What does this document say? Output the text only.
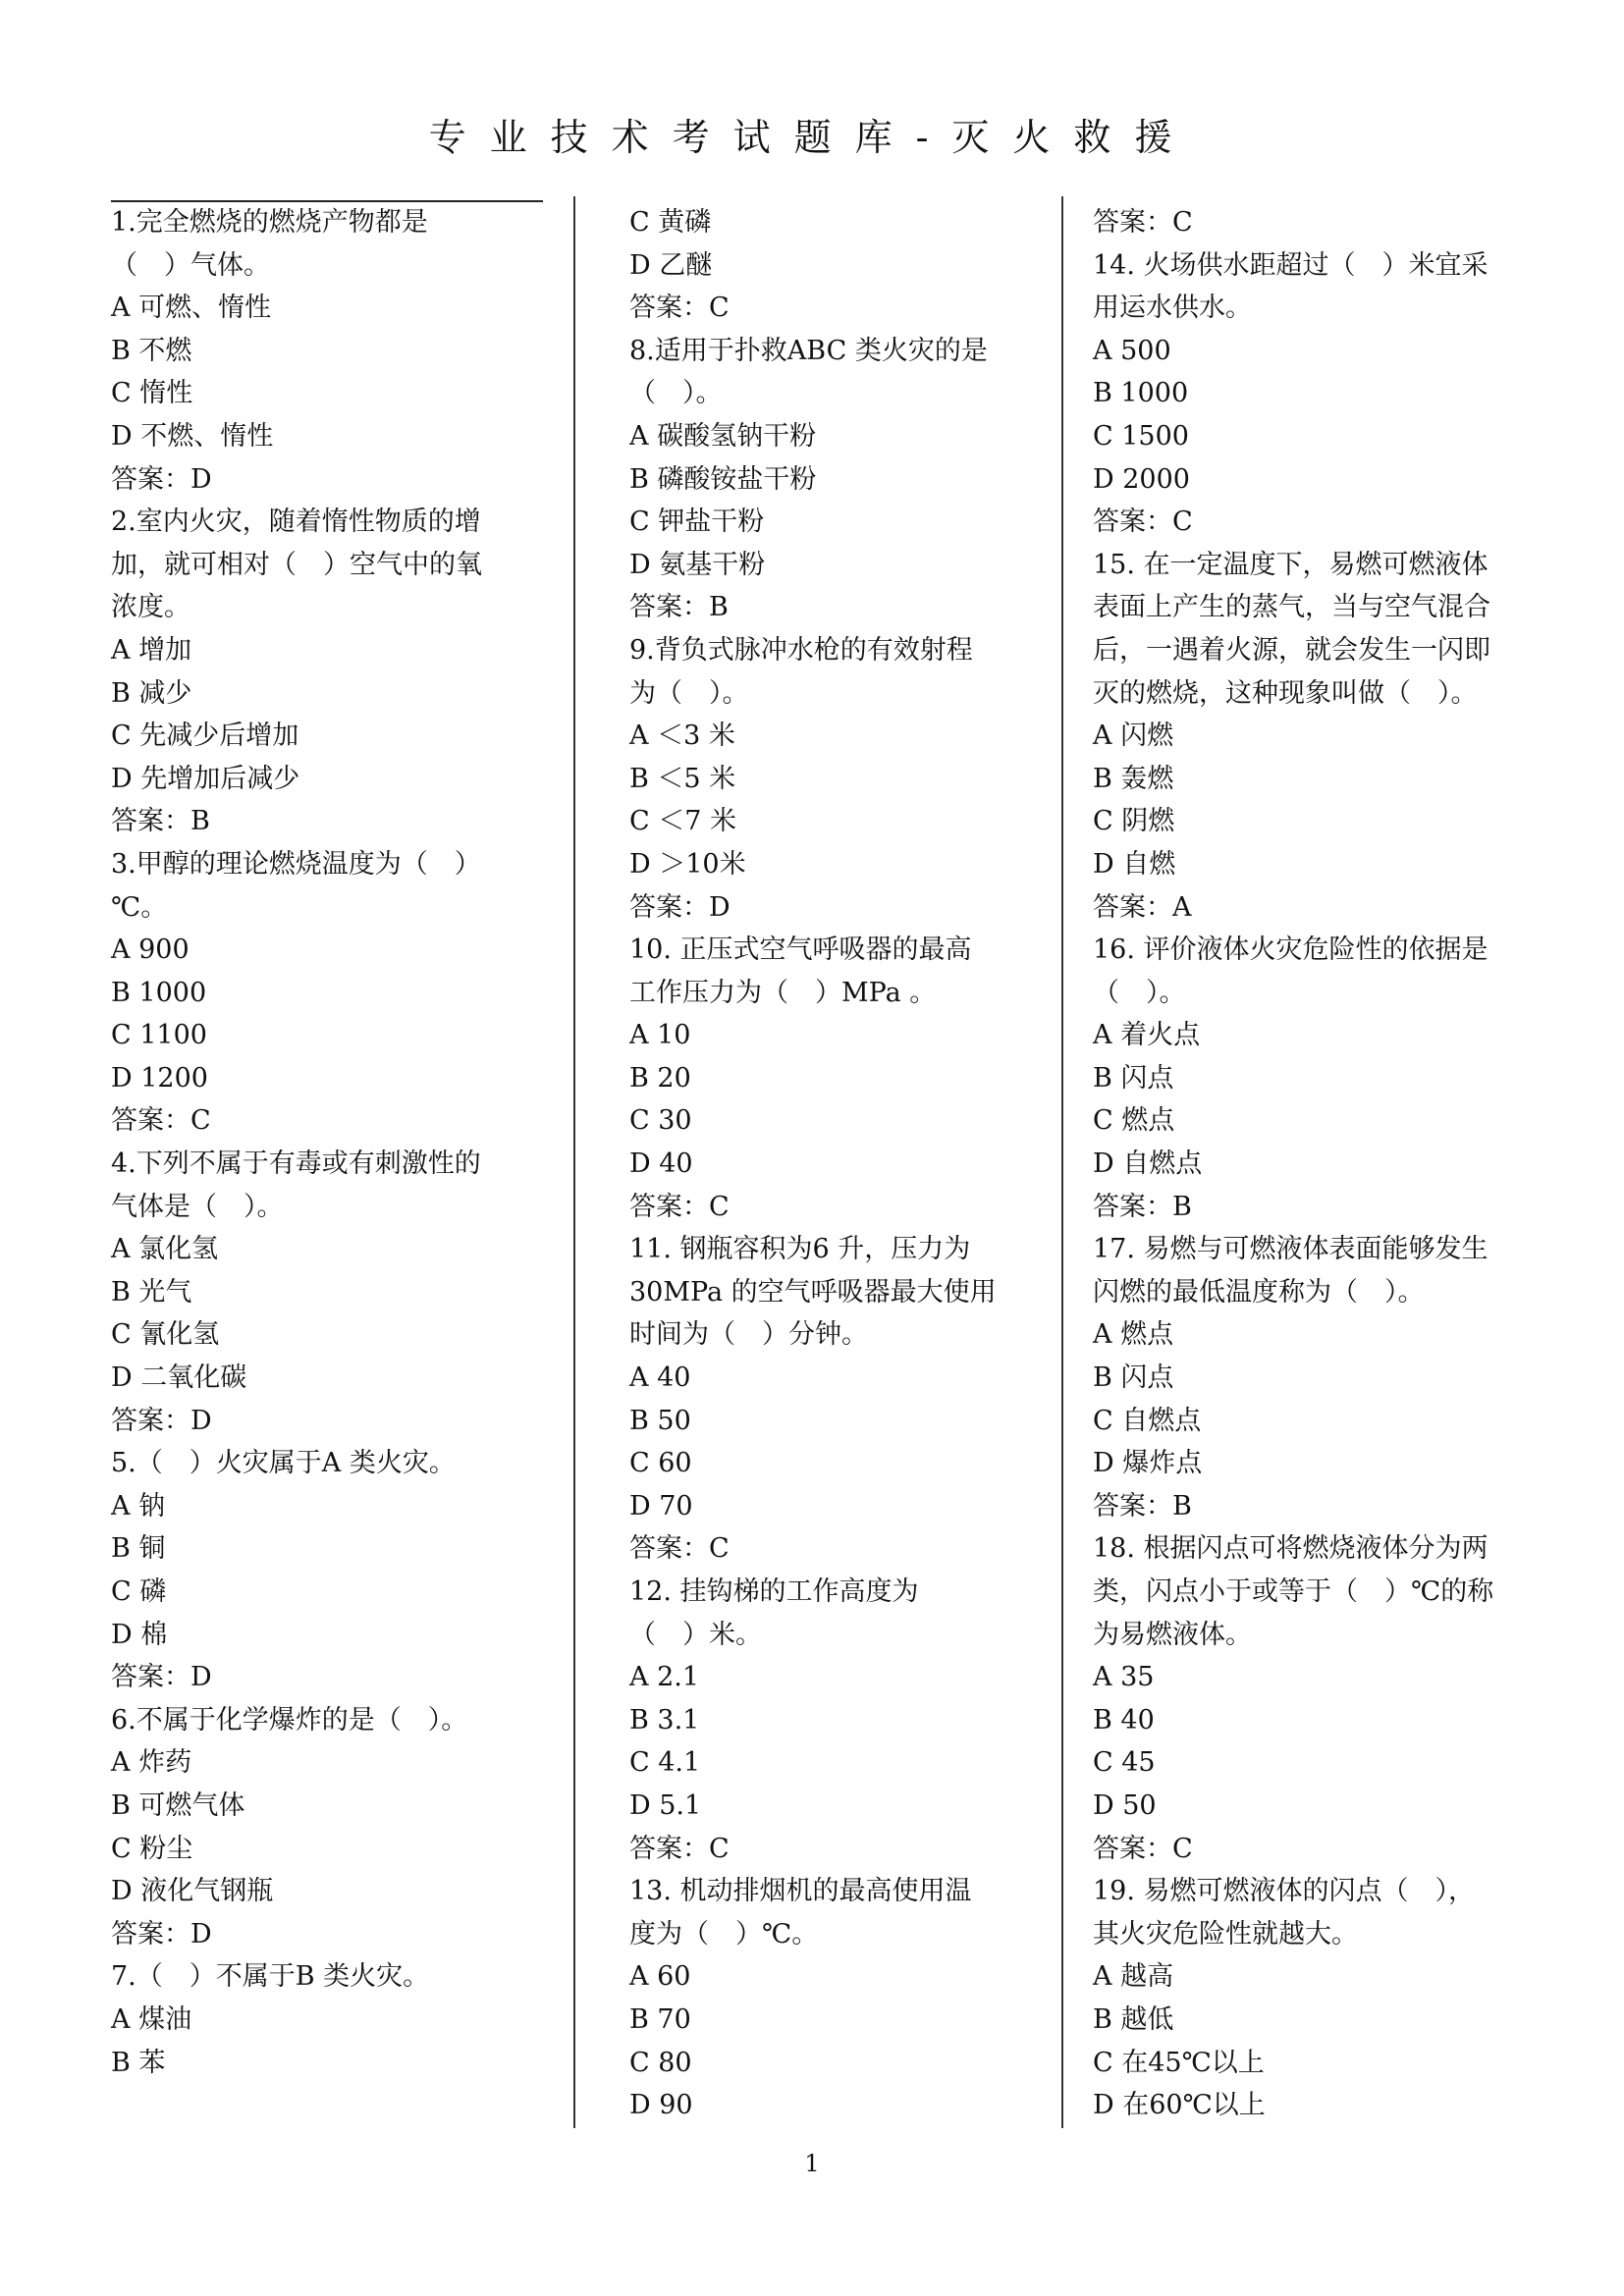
专业技术考试题库-灭火救援
1.完全燃烧的燃烧产物都是
（　）气体。
A 可燃、惰性
B 不燃
C 惰性
D 不燃、惰性
答案：D
2.室内火灾，随着惰性物质的增
加，就可相对（　）空气中的氧
浓度。
A 增加
B 减少
C 先减少后增加
D 先增加后减少
答案：B
3.甲醇的理论燃烧温度为（　）
℃。
A 900
B 1000
C 1100
D 1200
答案：C
4.下列不属于有毒或有刺激性的
气体是（　）。
A 氯化氢
B 光气
C 氰化氢
D 二氧化碳
答案：D
5.（　）火灾属于A 类火灾。
A 钠
B 铜
C 磷
D 棉
答案：D
6.不属于化学爆炸的是（　）。
A 炸药
B 可燃气体
C 粉尘
D 液化气钢瓶
答案：D
7.（　）不属于B 类火灾。
A 煤油
B 苯
C 黄磷
D 乙醚
答案：C
8.适用于扑救ABC 类火灾的是
（　）。
A 碳酸氢钠干粉
B 磷酸铵盐干粉
C 钾盐干粉
D 氨基干粉
答案：B
9.背负式脉冲水枪的有效射程
为（　）。
A ＜3 米
B ＜5 米
C ＜7 米
D ＞10米
答案：D
10. 正压式空气呼吸器的最高
工作压力为（　）MPa 。
A 10
B 20
C 30
D 40
答案：C
11. 钢瓶容积为6 升，压力为
30MPa 的空气呼吸器最大使用
时间为（　）分钟。
A 40
B 50
C 60
D 70
答案：C
12. 挂钩梯的工作高度为
（　）米。
A 2.1
B 3.1
C 4.1
D 5.1
答案：C
13. 机动排烟机的最高使用温
度为（　）℃。
A 60
B 70
C 80
D 90
答案：C
14. 火场供水距超过（　）米宜采
用运水供水。
A 500
B 1000
C 1500
D 2000
答案：C
15. 在一定温度下，易燃可燃液体
表面上产生的蒸气，当与空气混合
后，一遇着火源，就会发生一闪即
灭的燃烧，这种现象叫做（　）。
A 闪燃
B 轰燃
C 阴燃
D 自燃
答案：A
16. 评价液体火灾危险性的依据是
（　）。
A 着火点
B 闪点
C 燃点
D 自燃点
答案：B
17. 易燃与可燃液体表面能够发生
闪燃的最低温度称为（　）。
A 燃点
B 闪点
C 自燃点
D 爆炸点
答案：B
18. 根据闪点可将燃烧液体分为两
类，闪点小于或等于（　）℃的称
为易燃液体。
A 35
B 40
C 45
D 50
答案：C
19. 易燃可燃液体的闪点（　），
其火灾危险性就越大。
A 越高
B 越低
C 在45℃以上
D 在60℃以上
1
